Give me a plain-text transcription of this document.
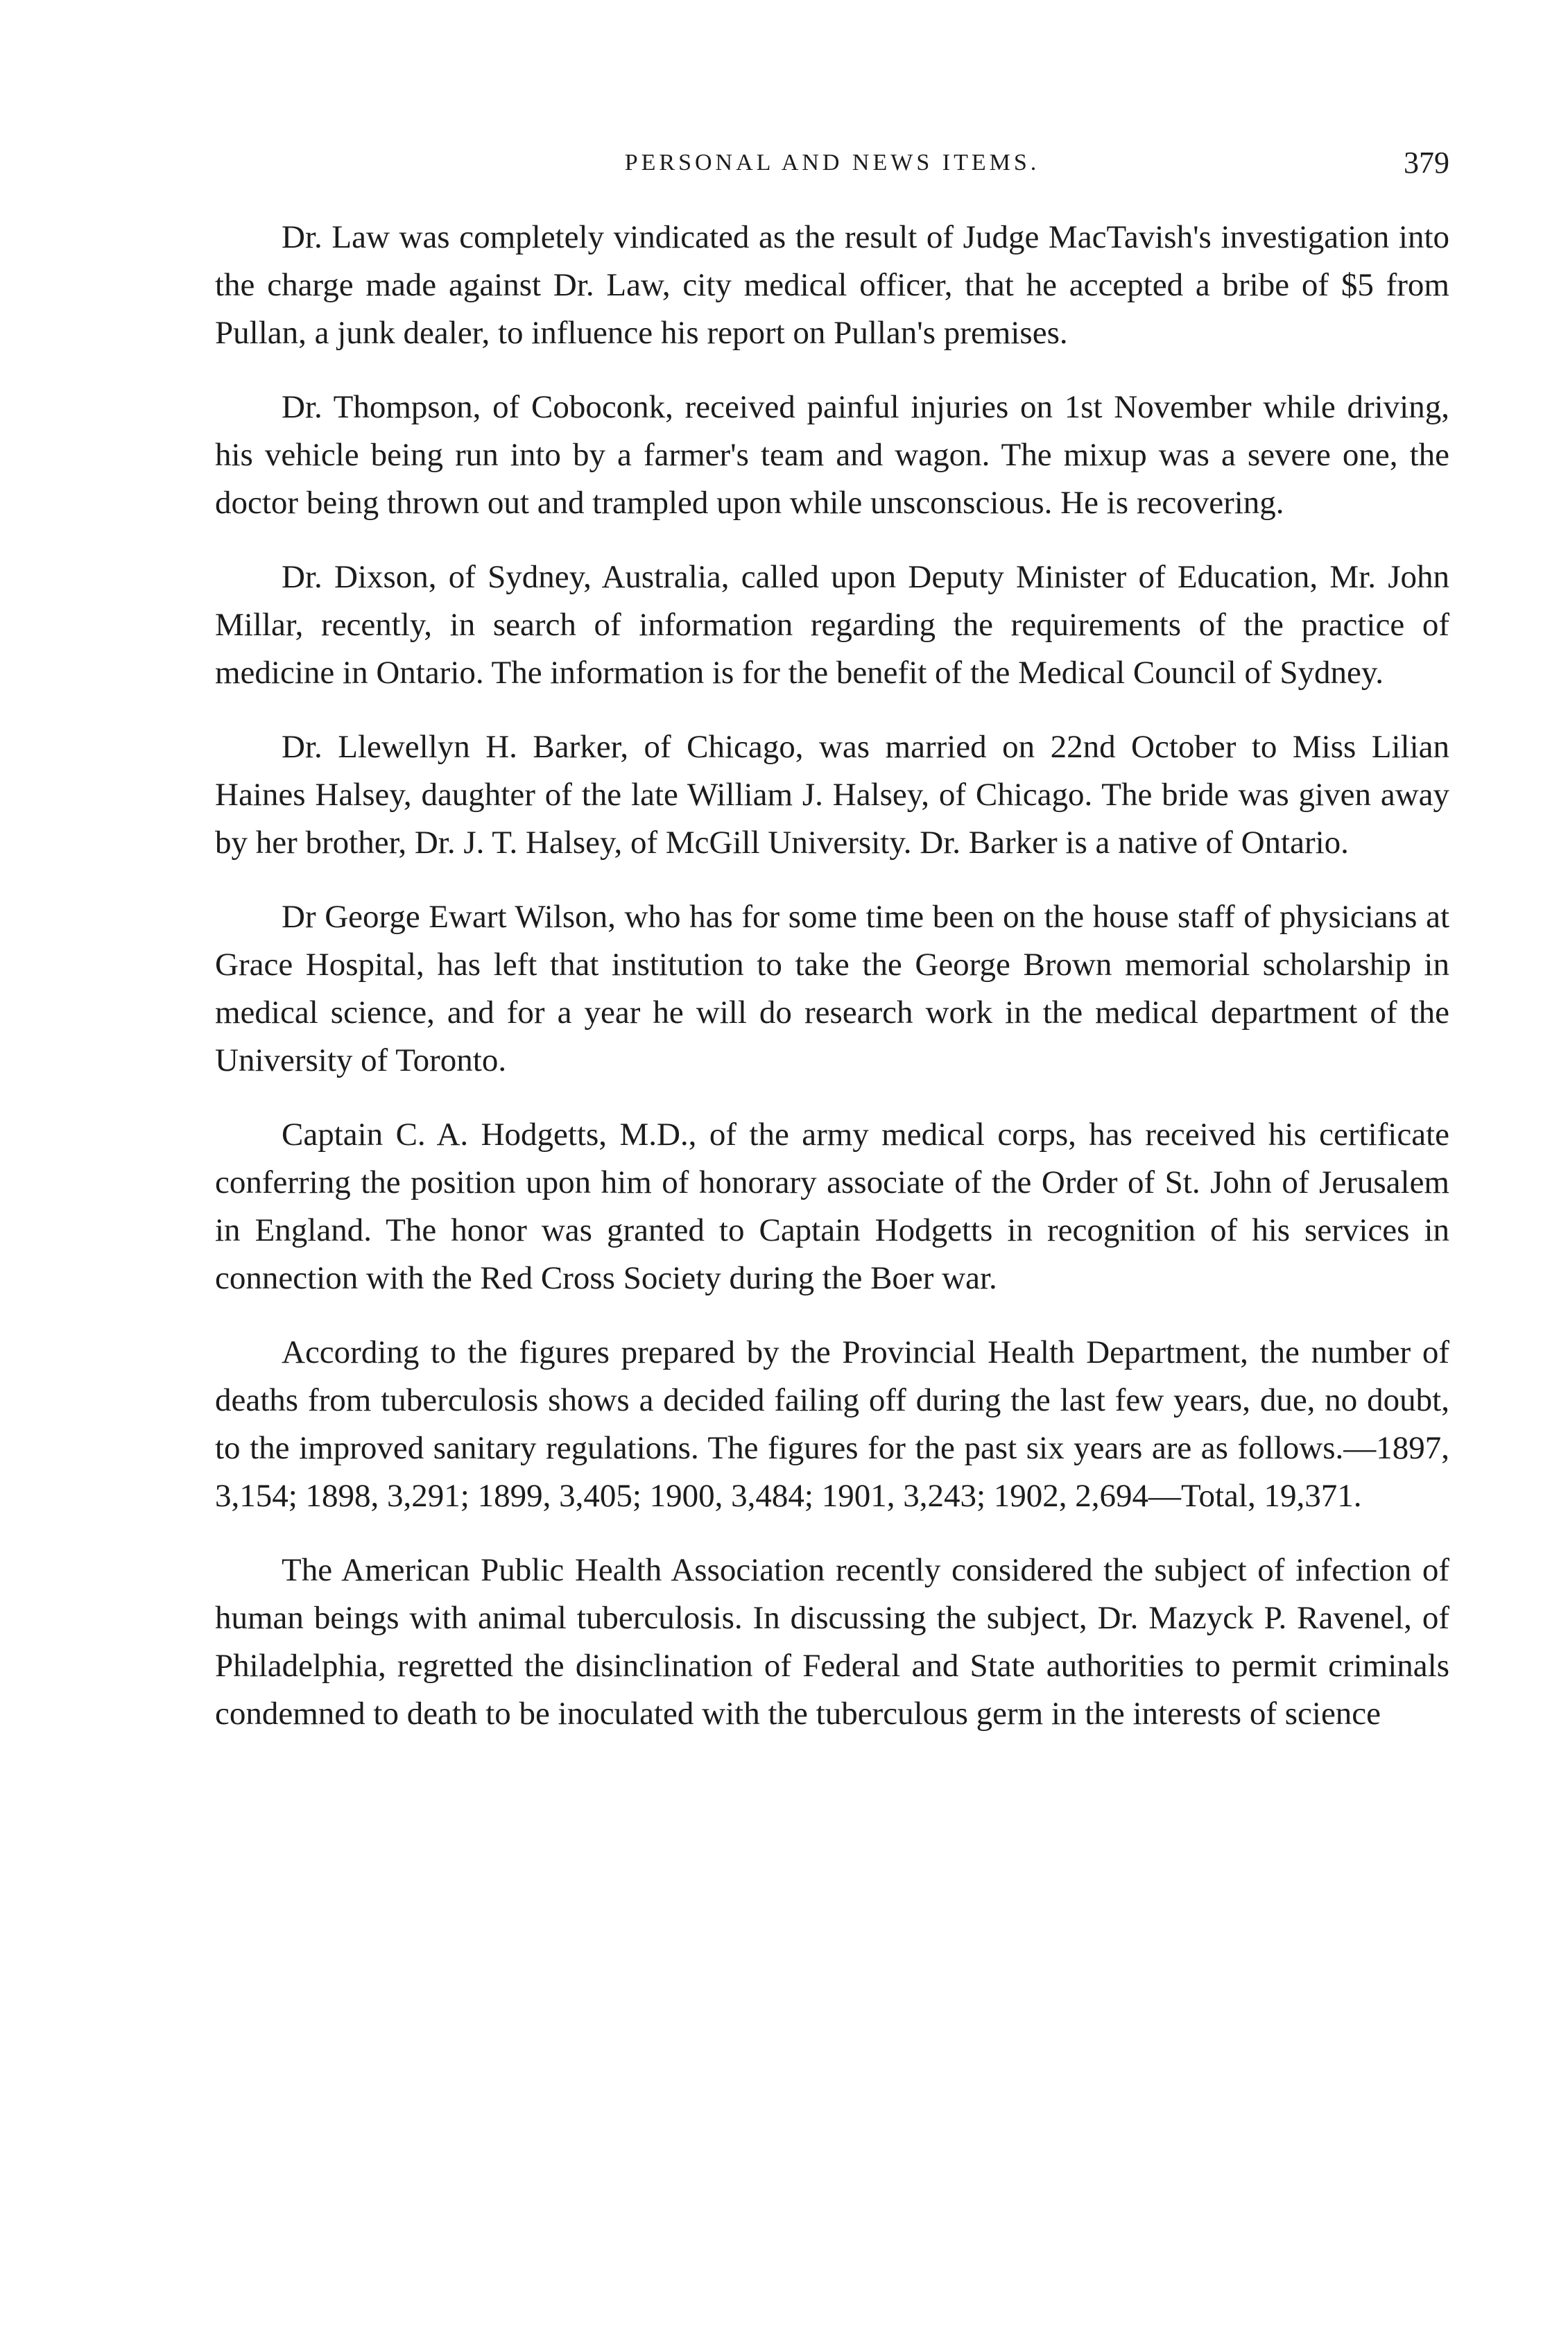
PERSONAL AND NEWS ITEMS.	379

Dr. Law was completely vindicated as the result of Judge MacTavish's investigation into the charge made against Dr. Law, city medical officer, that he accepted a bribe of $5 from Pullan, a junk dealer, to influence his report on Pullan's premises.

Dr. Thompson, of Coboconk, received painful injuries on 1st November while driving, his vehicle being run into by a farmer's team and wagon. The mixup was a severe one, the doctor being thrown out and trampled upon while unsconscious. He is recovering.

Dr. Dixson, of Sydney, Australia, called upon Deputy Minister of Education, Mr. John Millar, recently, in search of information regarding the requirements of the practice of medicine in Ontario. The information is for the benefit of the Medical Council of Sydney.

Dr. Llewellyn H. Barker, of Chicago, was married on 22nd October to Miss Lilian Haines Halsey, daughter of the late William J. Halsey, of Chicago. The bride was given away by her brother, Dr. J. T. Halsey, of McGill University. Dr. Barker is a native of Ontario.

Dr George Ewart Wilson, who has for some time been on the house staff of physicians at Grace Hospital, has left that institution to take the George Brown memorial scholarship in medical science, and for a year he will do research work in the medical department of the University of Toronto.

Captain C. A. Hodgetts, M.D., of the army medical corps, has received his certificate conferring the position upon him of honorary associate of the Order of St. John of Jerusalem in England. The honor was granted to Captain Hodgetts in recognition of his services in connection with the Red Cross Society during the Boer war.

According to the figures prepared by the Provincial Health Department, the number of deaths from tuberculosis shows a decided failing off during the last few years, due, no doubt, to the improved sanitary regulations. The figures for the past six years are as follows.—1897, 3,154; 1898, 3,291; 1899, 3,405; 1900, 3,484; 1901, 3,243; 1902, 2,694—Total, 19,371.

The American Public Health Association recently considered the subject of infection of human beings with animal tuberculosis. In discussing the subject, Dr. Mazyck P. Ravenel, of Philadelphia, regretted the disinclination of Federal and State authorities to permit criminals condemned to death to be inoculated with the tuberculous germ in the interests of science
